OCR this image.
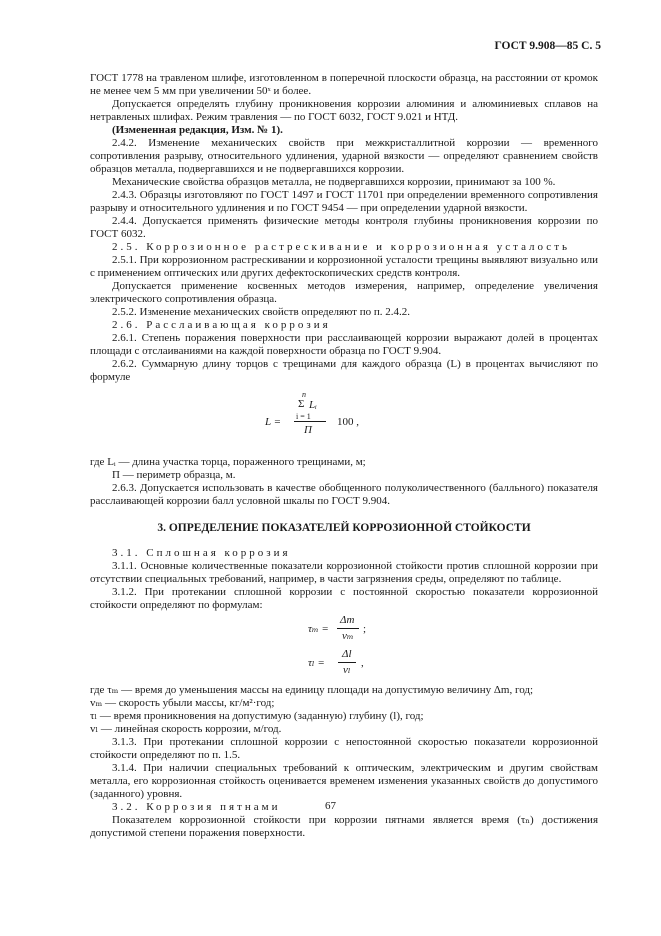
ГОСТ 9.908—85 С. 5

ГОСТ 1778 на травленом шлифе, изготовленном в поперечной плоскости образца, на расстоянии от кромок не менее чем 5 мм при увеличении 50ˣ и более.

Допускается определять глубину проникновения коррозии алюминия и алюминиевых сплавов на нетравленых шлифах. Режим травления — по ГОСТ 6032, ГОСТ 9.021 и НТД.

(Измененная редакция, Изм. № 1).

2.4.2. Изменение механических свойств при межкристаллитной коррозии — временного сопротивления разрыву, относительного удлинения, ударной вязкости — определяют сравнением свойств образцов металла, подвергавшихся и не подвергавшихся коррозии.

Механические свойства образцов металла, не подвергавшихся коррозии, принимают за 100 %.

2.4.3. Образцы изготовляют по ГОСТ 1497 и ГОСТ 11701 при определении временного сопротивления разрыву и относительного удлинения и по ГОСТ 9454 — при определении ударной вязкости.

2.4.4. Допускается применять физические методы контроля глубины проникновения коррозии по ГОСТ 6032.

2.5. Коррозионное растрескивание и коррозионная усталость

2.5.1. При коррозионном растрескивании и коррозионной усталости трещины выявляют визуально или с применением оптических или других дефектоскопических средств контроля.

Допускается применение косвенных методов измерения, например, определение увеличения электрического сопротивления образца.

2.5.2. Изменение механических свойств определяют по п. 2.4.2.

2.6. Расслаивающая коррозия

2.6.1. Степень поражения поверхности при расслаивающей коррозии выражают долей в процентах площади с отслаиваниями на каждой поверхности образца по ГОСТ 9.904.

2.6.2. Суммарную длину торцов с трещинами для каждого образца (L) в процентах вычисляют по формуле

L =
n
Σ Lᵢ
i = 1
П
100 ,

где Lᵢ — длина участка торца, пораженного трещинами, м;

П — периметр образца, м.

2.6.3. Допускается использовать в качестве обобщенного полуколичественного (балльного) показателя расслаивающей коррозии балл условной шкалы по ГОСТ 9.904.

3. ОПРЕДЕЛЕНИЕ ПОКАЗАТЕЛЕЙ КОРРОЗИОННОЙ СТОЙКОСТИ

3.1. Сплошная коррозия

3.1.1. Основные количественные показатели коррозионной стойкости против сплошной коррозии при отсутствии специальных требований, например, в части загрязнения среды, определяют по таблице.

3.1.2. При протекании сплошной коррозии с постоянной скоростью показатели коррозионной стойкости определяют по формулам:

τₘ =
Δm
vₘ
;
τₗ =
Δl
vₗ
,

где τₘ — время до уменьшения массы на единицу площади на допустимую величину Δm, год;

vₘ — скорость убыли массы, кг/м²·год;

τₗ — время проникновения на допустимую (заданную) глубину (l), год;

vₗ — линейная скорость коррозии, м/год.

3.1.3. При протекании сплошной коррозии с непостоянной скоростью показатели коррозионной стойкости определяют по п. 1.5.

3.1.4. При наличии специальных требований к оптическим, электрическим и другим свойствам металла, его коррозионная стойкость оценивается временем изменения указанных свойств до допустимого (заданного) уровня.

3.2. Коррозия пятнами

Показателем коррозионной стойкости при коррозии пятнами является время (τₙ) достижения допустимой степени поражения поверхности.

67
